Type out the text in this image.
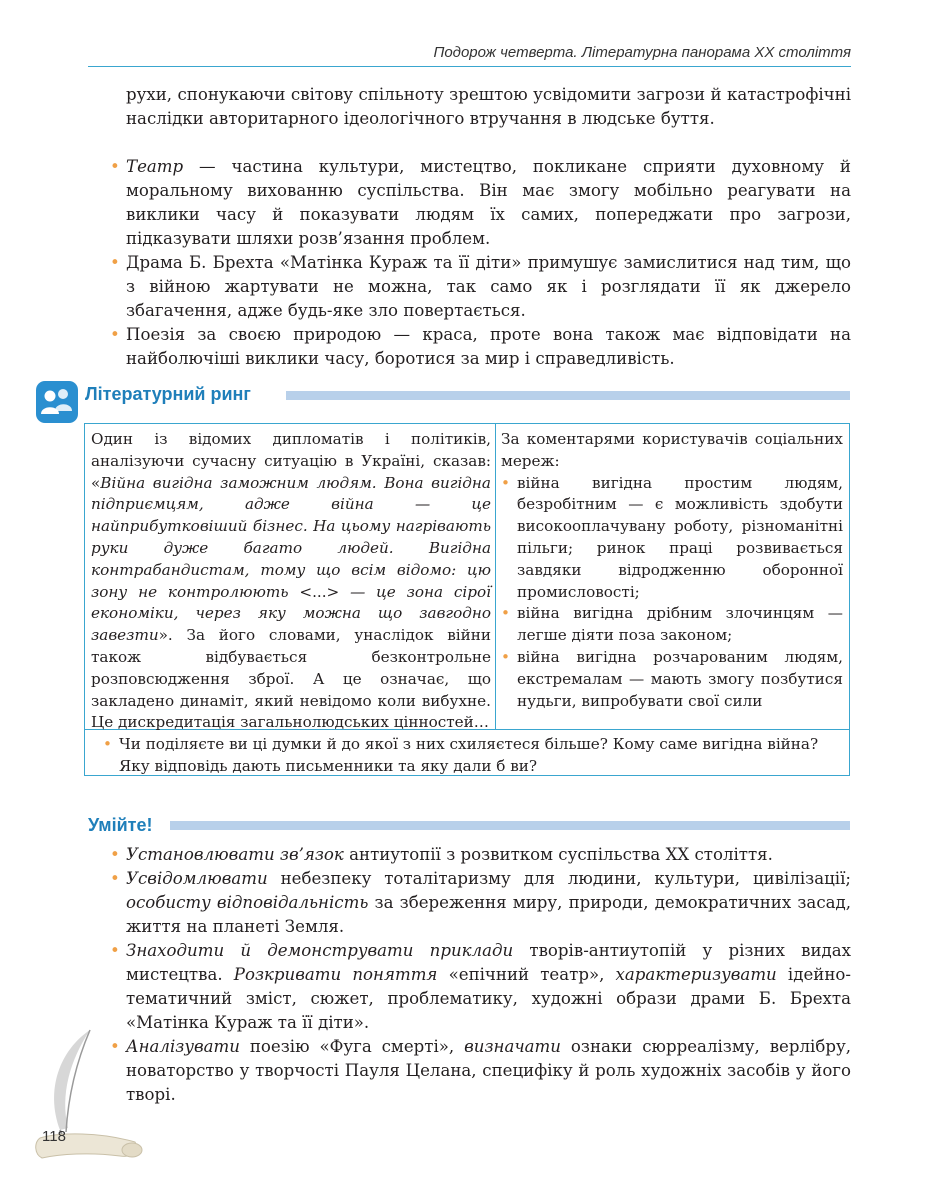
Подорож четверта. Літературна панорама XX століття
рухи, спонукаючи світову спільноту зрештою усвідомити загрози й катастрофічні наслідки авторитарного ідеологічного втручання в людське буття.
• Театр — частина культури, мистецтво, покликане сприяти духовному й моральному вихованню суспільства. Він має змогу мобільно реагувати на виклики часу й показувати людям їх самих, попереджати про загрози, підказувати шляхи розв’язання проблем.
• Драма Б. Брехта «Матінка Кураж та її діти» примушує замислитися над тим, що з війною жартувати не можна, так само як і розглядати її як джерело збагачення, адже будь-яке зло повертається.
• Поезія за своєю природою — краса, проте вона також має відповідати на найболючіші виклики часу, боротися за мир і справедливість.
Літературний ринг
Один із відомих дипломатів і політиків, аналізуючи сучасну ситуацію в Україні, сказав: «Війна вигідна заможним людям. Вона вигідна підприємцям, адже війна — це найприбутковіший бізнес. На цьому нагрівають руки дуже багато людей. Вигідна контрабандистам, тому що всім відомо: цю зону не контролюють <...> — це зона сірої економіки, через яку можна що завгодно завезти». За його словами, унаслідок війни також відбувається безконтрольне розповсюдження зброї. А це означає, що закладено динаміт, який невідомо коли вибухне. Це дискредитація загальнолюдських цінностей…
За коментарями користувачів соціальних мереж:
• війна вигідна простим людям, безробітним — є можливість здобути високооплачувану роботу, різноманітні пільги; ринок праці розвивається завдяки відродженню оборонної промисловості;
• війна вигідна дрібним злочинцям — легше діяти поза законом;
• війна вигідна розчарованим людям, екстремалам — мають змогу позбутися нудьги, випробувати свої сили
• Чи поділяєте ви ці думки й до якої з них схиляєтеся більше? Кому саме вигідна війна? Яку відповідь дають письменники та яку дали б ви?
Умійте!
• Установлювати зв’язок антиутопії з розвитком суспільства XX століття.
• Усвідомлювати небезпеку тоталітаризму для людини, культури, цивілізації; особисту відповідальність за збереження миру, природи, демократичних засад, життя на планеті Земля.
• Знаходити й демонструвати приклади творів-антиутопій у різних видах мистецтва. Розкривати поняття «епічний театр», характеризувати ідейно-тематичний зміст, сюжет, проблематику, художні образи драми Б. Брехта «Матінка Кураж та її діти».
• Аналізувати поезію «Фуга смерті», визначати ознаки сюрреалізму, верлібру, новаторство у творчості Пауля Целана, специфіку й роль художніх засобів у його творі.
118
